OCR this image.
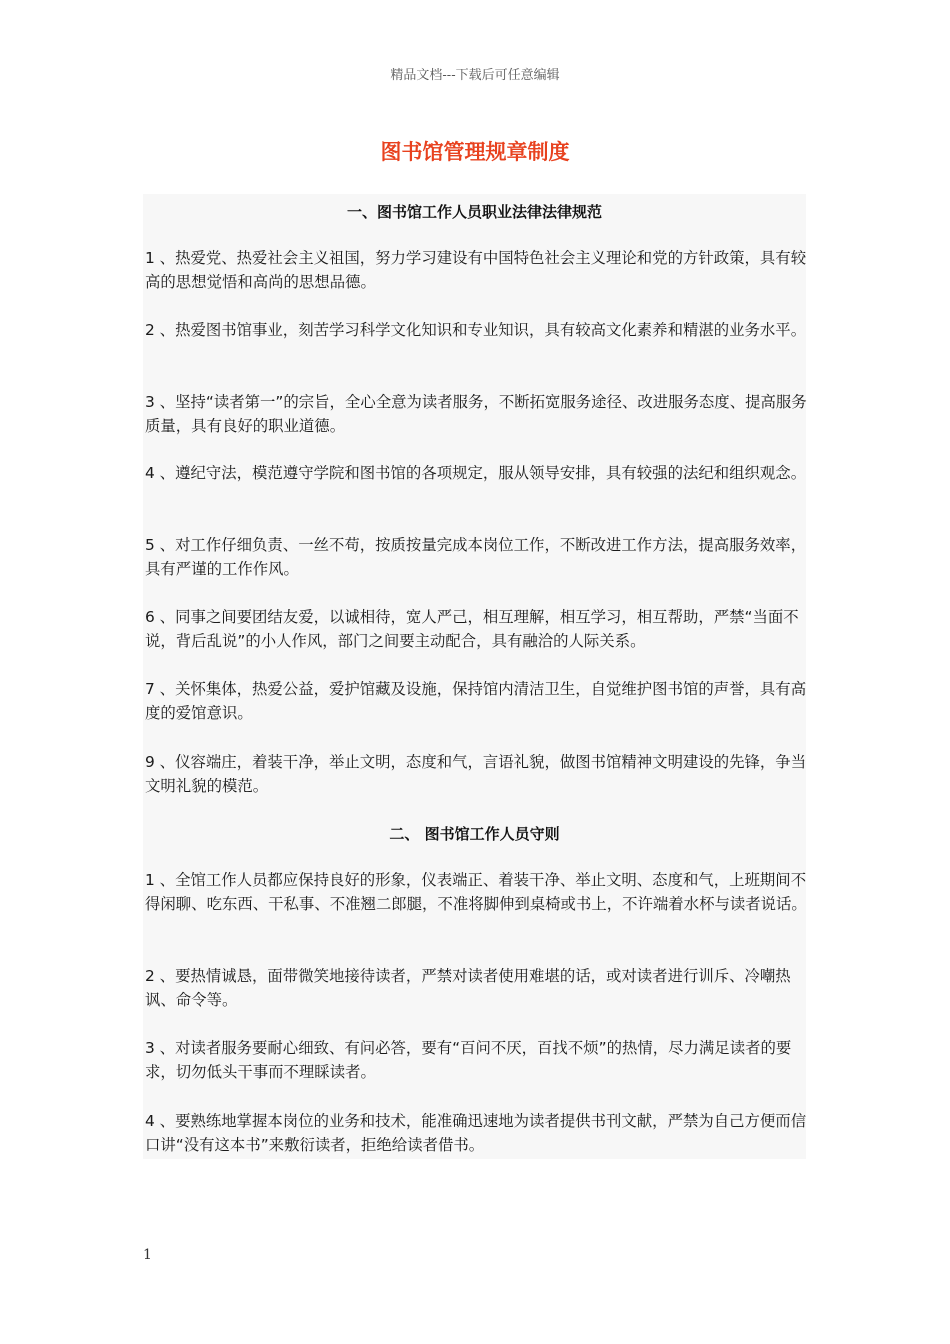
精品文档---下载后可任意编辑
图书馆管理规章制度
一、图书馆工作人员职业法律法律规范

1 、热爱党、热爱社会主义祖国，努力学习建设有中国特色社会主义理论和党的方针政策，具有较高的思想觉悟和高尚的思想品德。

2 、热爱图书馆事业，刻苦学习科学文化知识和专业知识，具有较高文化素养和精湛的业务水平。

3 、坚持“读者第一”的宗旨，全心全意为读者服务，不断拓宽服务途径、改进服务态度、提高服务质量，具有良好的职业道德。

4 、遵纪守法，模范遵守学院和图书馆的各项规定，服从领导安排，具有较强的法纪和组织观念。

5 、对工作仔细负责、一丝不苟，按质按量完成本岗位工作，不断改进工作方法，提高服务效率，具有严谨的工作作风。

6 、同事之间要团结友爱，以诚相待，宽人严己，相互理解，相互学习，相互帮助，严禁“当面不说，背后乱说”的小人作风，部门之间要主动配合，具有融洽的人际关系。

7 、关怀集体，热爱公益，爱护馆藏及设施，保持馆内清洁卫生，自觉维护图书馆的声誉，具有高度的爱馆意识。

9 、仪容端庄，着装干净，举止文明，态度和气，言语礼貌，做图书馆精神文明建设的先锋，争当文明礼貌的模范。

二、 图书馆工作人员守则

1 、全馆工作人员都应保持良好的形象，仪表端正、着装干净、举止文明、态度和气，上班期间不得闲聊、吃东西、干私事、不准翘二郎腿，不准将脚伸到桌椅或书上，不许端着水杯与读者说话。

2 、要热情诚恳，面带微笑地接待读者，严禁对读者使用难堪的话，或对读者进行训斥、冷嘲热讽、命令等。

3 、对读者服务要耐心细致、有问必答，要有“百问不厌，百找不烦”的热情，尽力满足读者的要求，切勿低头干事而不理睬读者。

4 、要熟练地掌握本岗位的业务和技术，能准确迅速地为读者提供书刊文献，严禁为自己方便而信口讲“没有这本书”来敷衍读者，拒绝给读者借书。

1
